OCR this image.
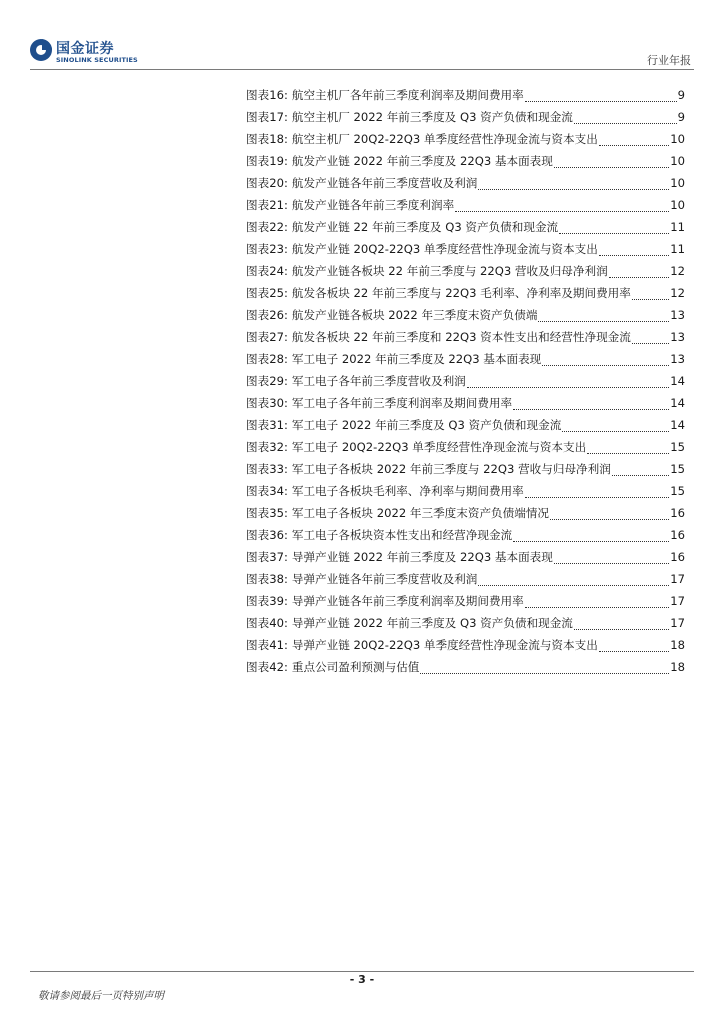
国金证券
SINOLINK SECURITIES	行业年报
图表16: 航空主机厂各年前三季度利润率及期间费用率	9
图表17: 航空主机厂 2022 年前三季度及 Q3 资产负债和现金流	9
图表18: 航空主机厂 20Q2-22Q3 单季度经营性净现金流与资本支出	10
图表19: 航发产业链 2022 年前三季度及 22Q3 基本面表现	10
图表20: 航发产业链各年前三季度营收及利润	10
图表21: 航发产业链各年前三季度利润率	10
图表22: 航发产业链 22 年前三季度及 Q3 资产负债和现金流	11
图表23: 航发产业链 20Q2-22Q3 单季度经营性净现金流与资本支出	11
图表24: 航发产业链各板块 22 年前三季度与 22Q3 营收及归母净利润	12
图表25: 航发各板块 22 年前三季度与 22Q3 毛利率、净利率及期间费用率	12
图表26: 航发产业链各板块 2022 年三季度末资产负债端	13
图表27: 航发各板块 22 年前三季度和 22Q3 资本性支出和经营性净现金流	13
图表28: 军工电子 2022 年前三季度及 22Q3 基本面表现	13
图表29: 军工电子各年前三季度营收及利润	14
图表30: 军工电子各年前三季度利润率及期间费用率	14
图表31: 军工电子 2022 年前三季度及 Q3 资产负债和现金流	14
图表32: 军工电子 20Q2-22Q3 单季度经营性净现金流与资本支出	15
图表33: 军工电子各板块 2022 年前三季度与 22Q3 营收与归母净利润	15
图表34: 军工电子各板块毛利率、净利率与期间费用率	15
图表35: 军工电子各板块 2022 年三季度末资产负债端情况	16
图表36: 军工电子各板块资本性支出和经营净现金流	16
图表37: 导弹产业链 2022 年前三季度及 22Q3 基本面表现	16
图表38: 导弹产业链各年前三季度营收及利润	17
图表39: 导弹产业链各年前三季度利润率及期间费用率	17
图表40: 导弹产业链 2022 年前三季度及 Q3 资产负债和现金流	17
图表41: 导弹产业链 20Q2-22Q3 单季度经营性净现金流与资本支出	18
图表42: 重点公司盈利预测与估值	18
- 3 -
敬请参阅最后一页特别声明
